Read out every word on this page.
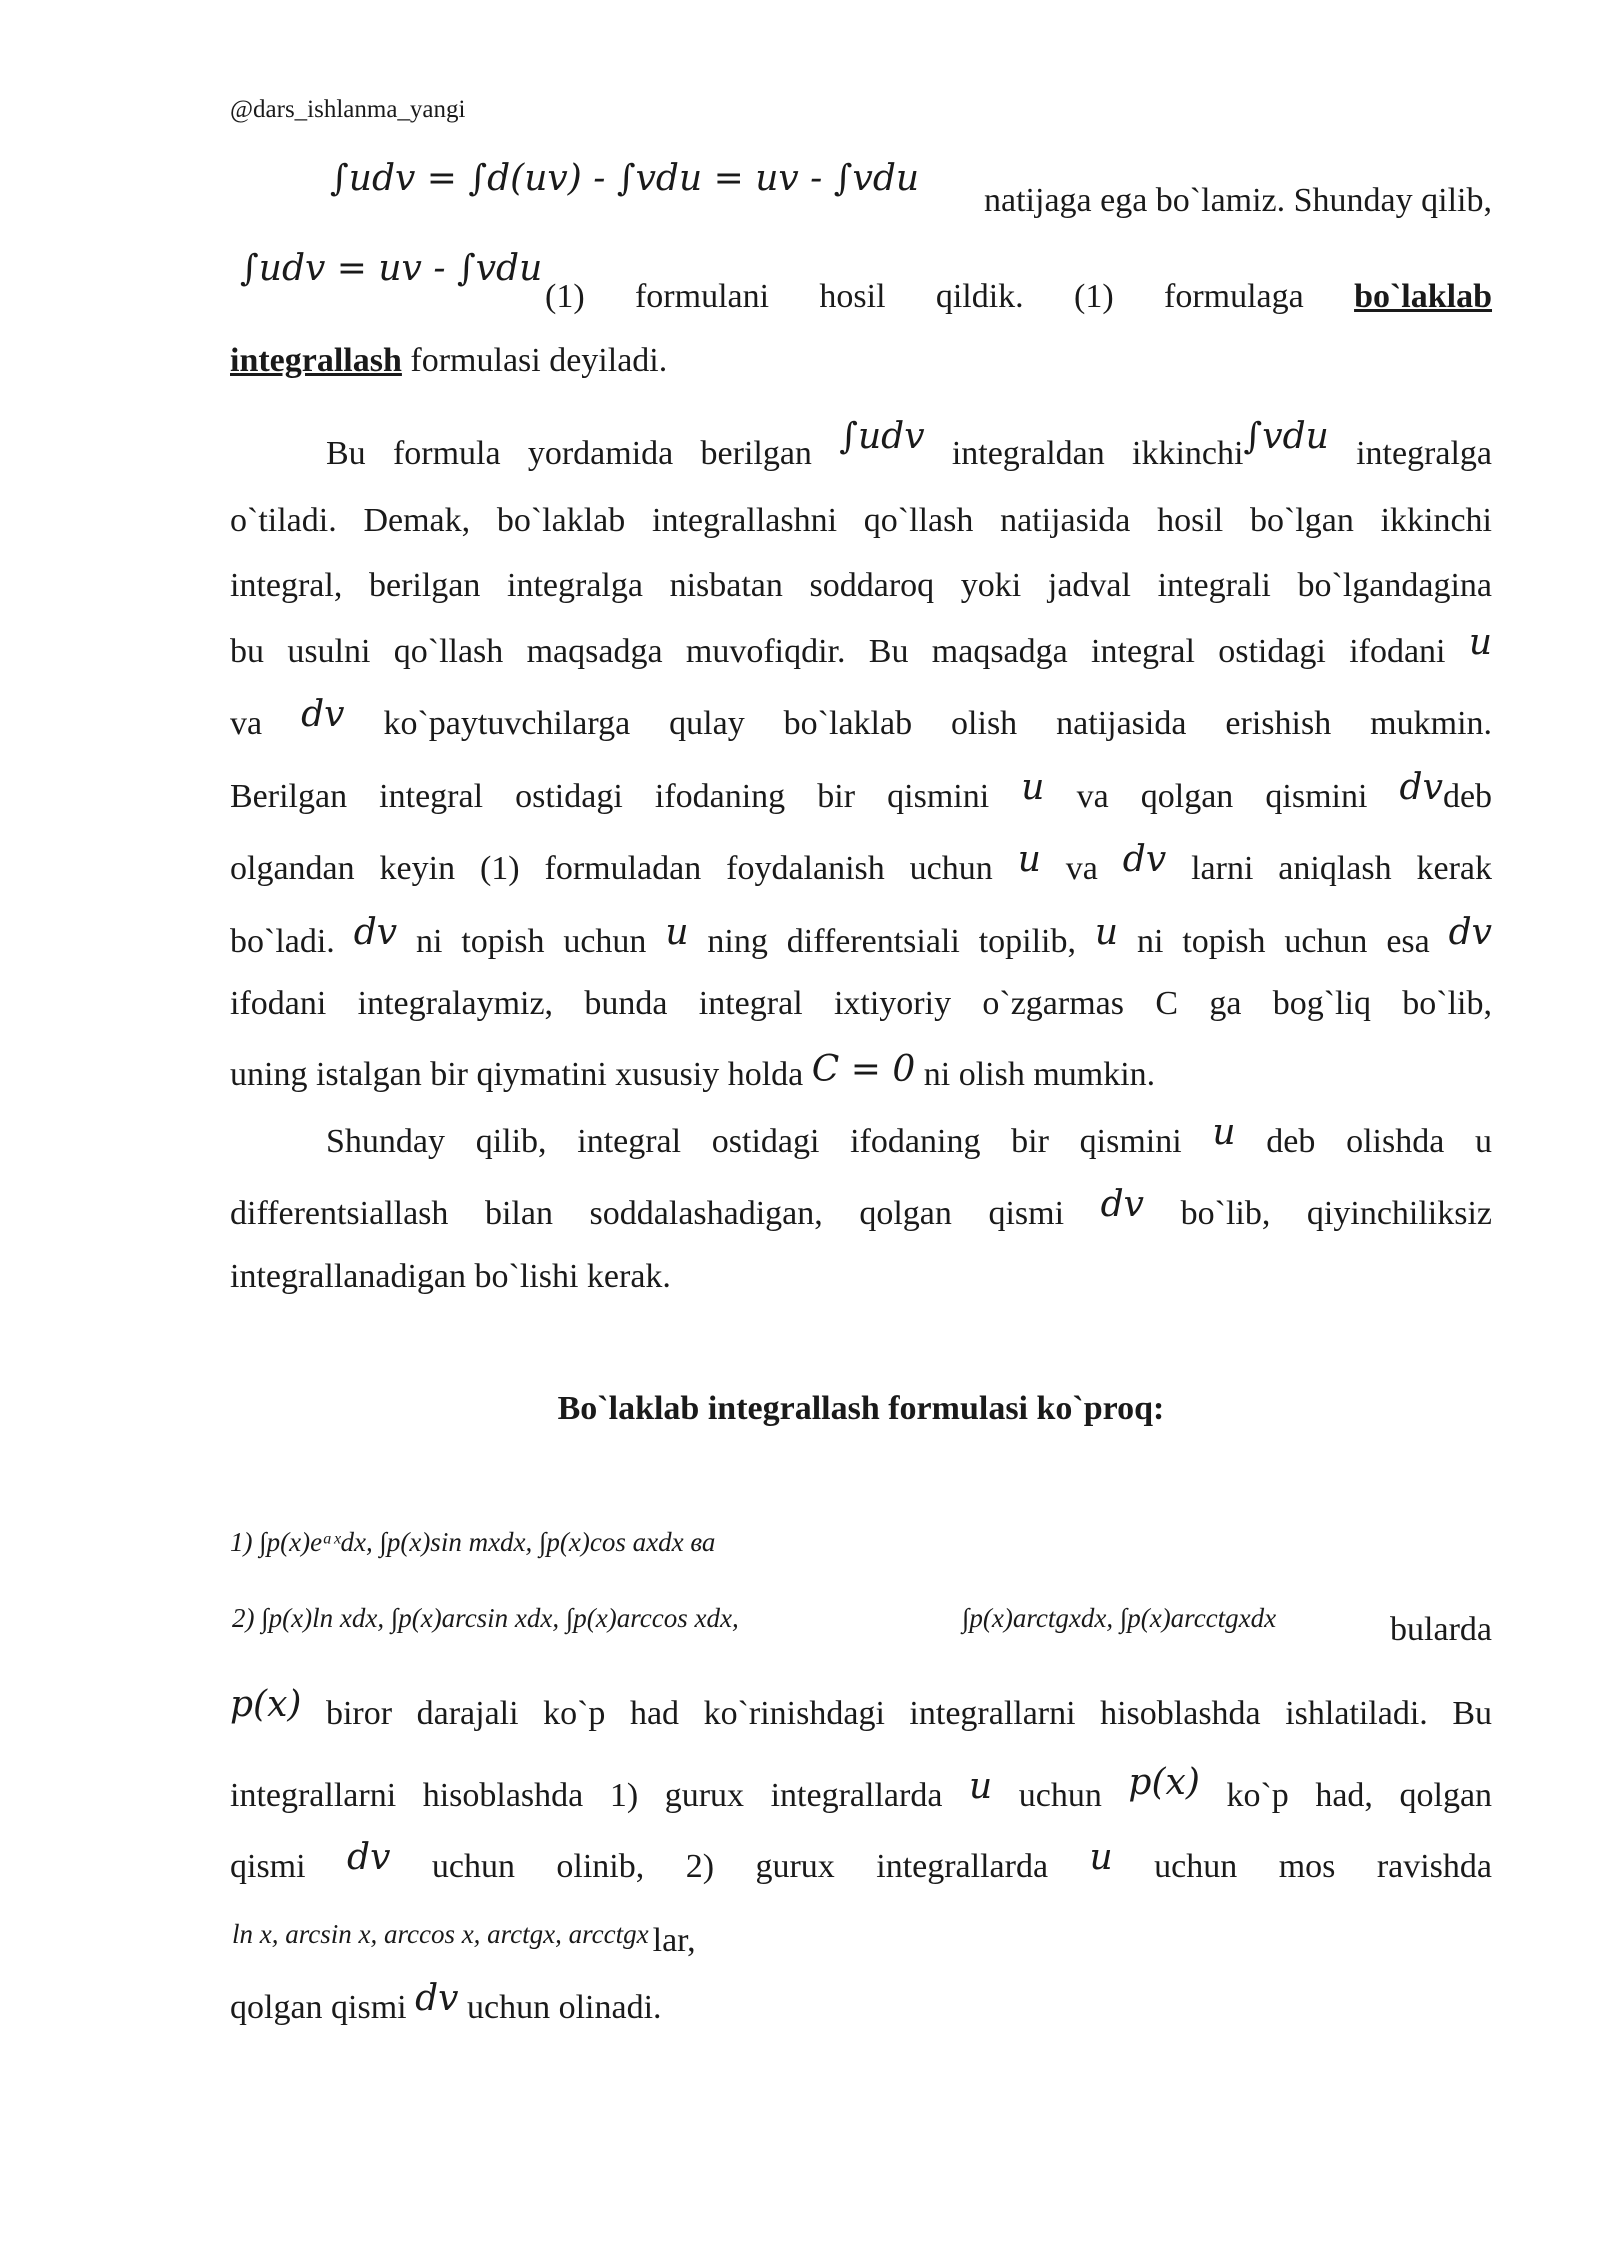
@dars_ishlanma_yangi
∫udv = ∫d(uv) - ∫vdu = uv - ∫vdu
natijaga ega bo`lamiz. Shunday qilib,
∫udv = uv - ∫vdu
(1) formulani hosil qildik. (1) formulaga bo`laklab
integrallash formulasi deyiladi.
Bu formula yordamida berilgan ∫udv integraldan ikkinchi∫vdu integralga
o`tiladi. Demak, bo`laklab integrallashni qo`llash natijasida hosil bo`lgan ikkinchi
integral, berilgan integralga nisbatan soddaroq yoki jadval integrali bo`lgandagina
bu usulni qo`llash maqsadga muvofiqdir. Bu maqsadga integral ostidagi ifodani u
va dv ko`paytuvchilarga qulay bo`laklab olish natijasida erishish mukmin.
Berilgan integral ostidagi ifodaning bir qismini u va qolgan qismini dvdeb
olgandan keyin (1) formuladan foydalanish uchun u va dv larni aniqlash kerak
bo`ladi. dv ni topish uchun u ning differentsiali topilib, u ni topish uchun esa dv
ifodani integralaymiz, bunda integral ixtiyoriy o`zgarmas C ga bog`liq bo`lib,
uning istalgan bir qiymatini xususiy holda C = 0 ni olish mumkin.
Shunday qilib, integral ostidagi ifodaning bir qismini u deb olishda u
differentsiallash bilan soddalashadigan, qolgan qismi dv bo`lib, qiyinchiliksiz
integrallanadigan bo`lishi kerak.
Bo`laklab integrallash formulasi ko`proq:
1) ∫p(x)eᵃˣdx, ∫p(x)sin mxdx, ∫p(x)cos axdx ва
2) ∫p(x)ln xdx, ∫p(x)arcsin xdx, ∫p(x)arccos xdx,	∫p(x)arctgxdx, ∫p(x)arcctgxdx	bularda
p(x) biror darajali ko`p had ko`rinishdagi integrallarni hisoblashda ishlatiladi. Bu
integrallarni hisoblashda 1) gurux integrallarda u uchun p(x) ko`p had, qolgan
qismi dv uchun olinib, 2) gurux integrallarda u uchun mos ravishda
ln x, arcsin x, arccos x, arctgx, arcctgx lar,
qolgan qismi dv uchun olinadi.
